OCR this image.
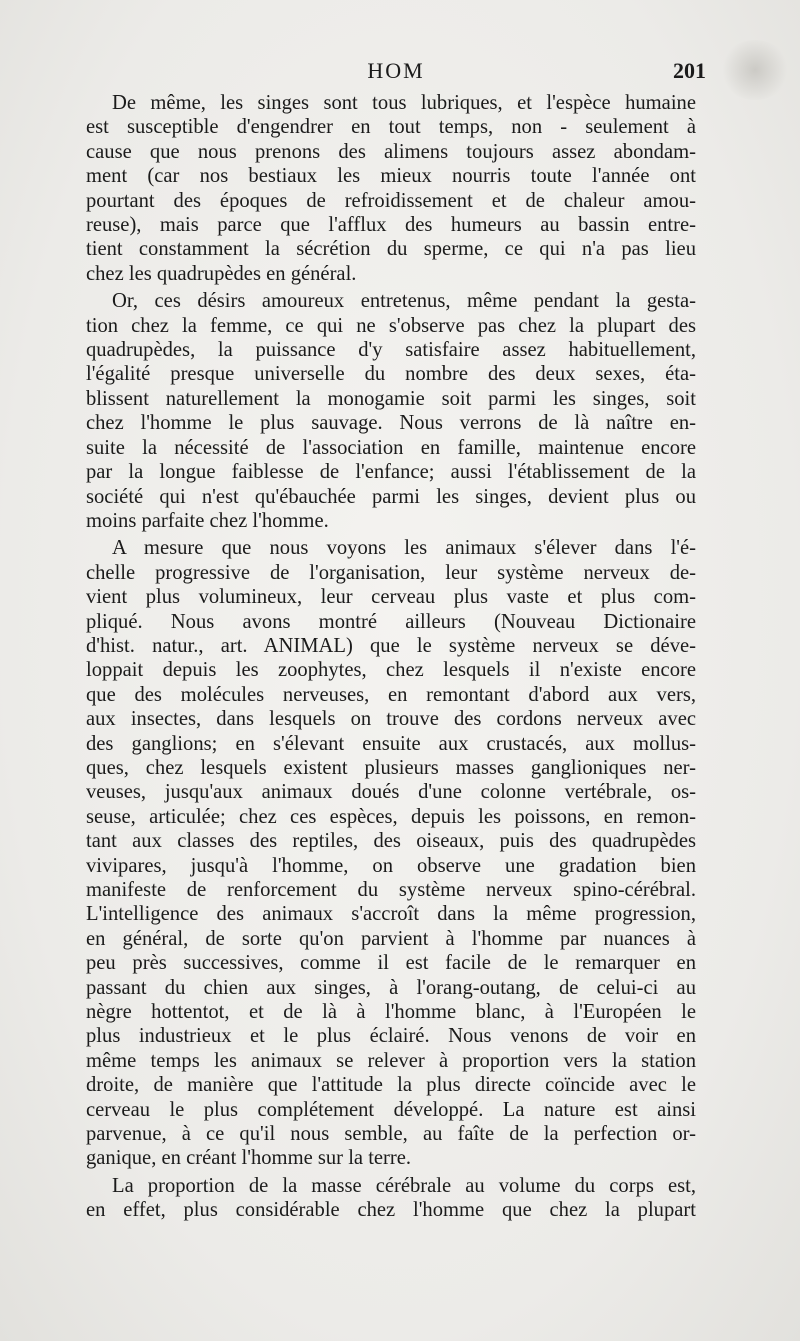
HOM	201
De même, les singes sont tous lubriques, et l'espèce humaine
est susceptible d'engendrer en tout temps, non - seulement à
cause que nous prenons des alimens toujours assez abondam-
ment (car nos bestiaux les mieux nourris toute l'année ont
pourtant des époques de refroidissement et de chaleur amou-
reuse), mais parce que l'afflux des humeurs au bassin entre-
tient constamment la sécrétion du sperme, ce qui n'a pas lieu
chez les quadrupèdes en général.
Or, ces désirs amoureux entretenus, même pendant la gesta-
tion chez la femme, ce qui ne s'observe pas chez la plupart des
quadrupèdes, la puissance d'y satisfaire assez habituellement,
l'égalité presque universelle du nombre des deux sexes, éta-
blissent naturellement la monogamie soit parmi les singes, soit
chez l'homme le plus sauvage. Nous verrons de là naître en-
suite la nécessité de l'association en famille, maintenue encore
par la longue faiblesse de l'enfance; aussi l'établissement de la
société qui n'est qu'ébauchée parmi les singes, devient plus ou
moins parfaite chez l'homme.
A mesure que nous voyons les animaux s'élever dans l'é-
chelle progressive de l'organisation, leur système nerveux de-
vient plus volumineux, leur cerveau plus vaste et plus com-
pliqué. Nous avons montré ailleurs (Nouveau Dictionaire
d'hist. natur., art. ANIMAL) que le système nerveux se déve-
loppait depuis les zoophytes, chez lesquels il n'existe encore
que des molécules nerveuses, en remontant d'abord aux vers,
aux insectes, dans lesquels on trouve des cordons nerveux avec
des ganglions; en s'élevant ensuite aux crustacés, aux mollus-
ques, chez lesquels existent plusieurs masses ganglioniques ner-
veuses, jusqu'aux animaux doués d'une colonne vertébrale, os-
seuse, articulée; chez ces espèces, depuis les poissons, en remon-
tant aux classes des reptiles, des oiseaux, puis des quadrupèdes
vivipares, jusqu'à l'homme, on observe une gradation bien
manifeste de renforcement du système nerveux spino-cérébral.
L'intelligence des animaux s'accroît dans la même progression,
en général, de sorte qu'on parvient à l'homme par nuances à
peu près successives, comme il est facile de le remarquer en
passant du chien aux singes, à l'orang-outang, de celui-ci au
nègre hottentot, et de là à l'homme blanc, à l'Européen le
plus industrieux et le plus éclairé. Nous venons de voir en
même temps les animaux se relever à proportion vers la station
droite, de manière que l'attitude la plus directe coïncide avec le
cerveau le plus complétement développé. La nature est ainsi
parvenue, à ce qu'il nous semble, au faîte de la perfection or-
ganique, en créant l'homme sur la terre.
La proportion de la masse cérébrale au volume du corps est,
en effet, plus considérable chez l'homme que chez la plupart
